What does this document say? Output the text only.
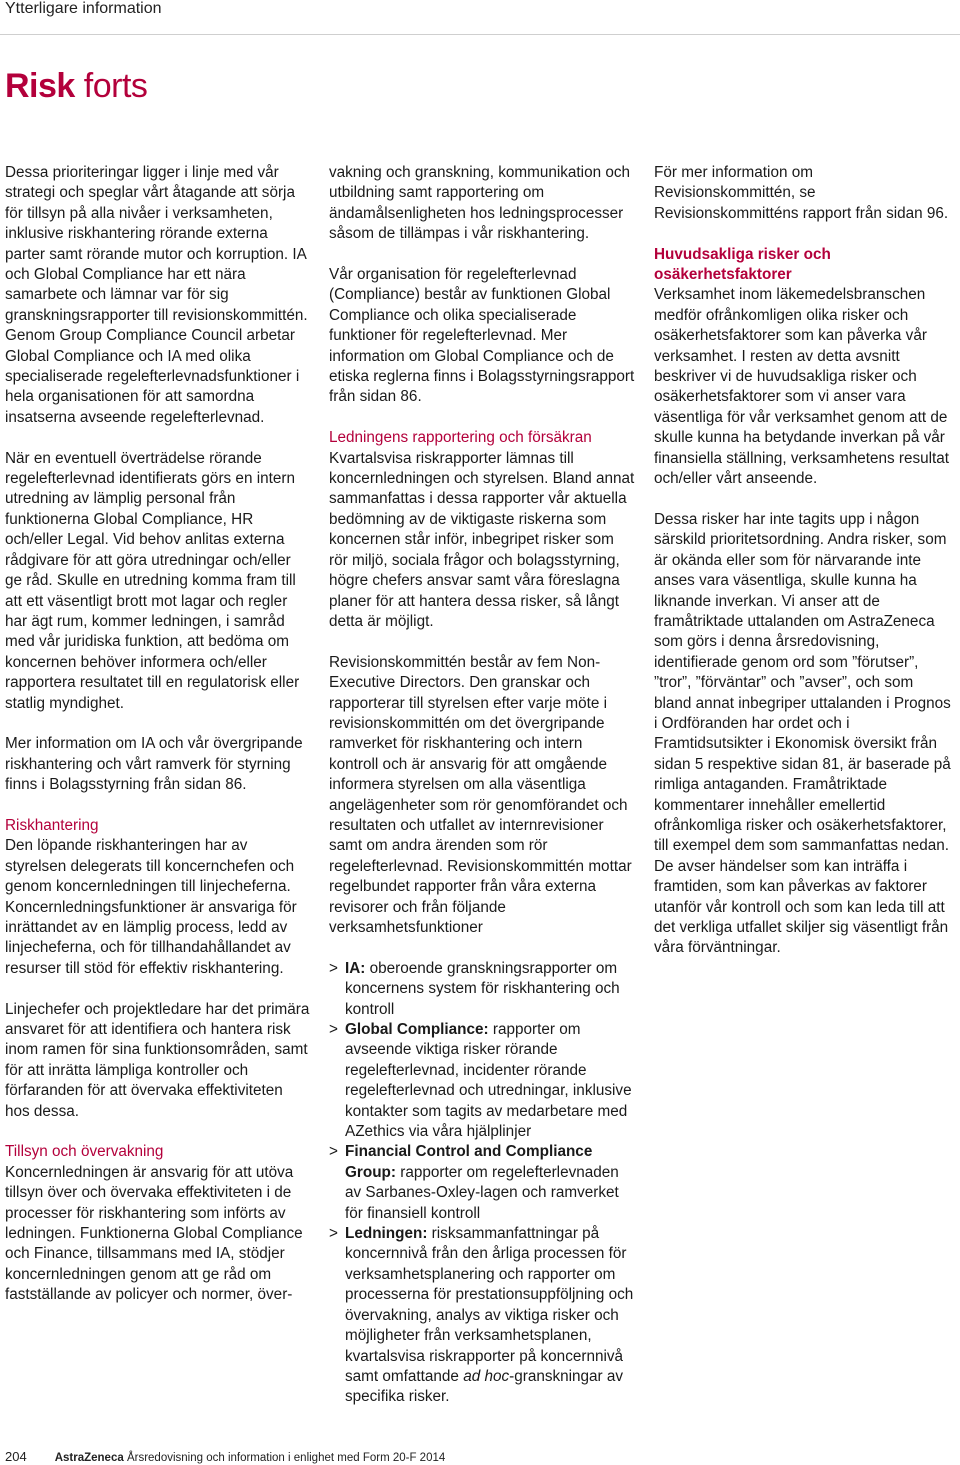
Ytterligare information
Risk forts

Dessa prioriteringar ligger i linje med vår strategi och speglar vårt åtagande att sörja för tillsyn på alla nivåer i verksamheten, inklusive riskhantering rörande externa parter samt rörande mutor och korruption. IA och Global Compliance har ett nära samarbete och lämnar var för sig granskningsrapporter till revisionskommittén. Genom Group Compliance Council arbetar Global Compliance och IA med olika specialiserade regelefterlevnadsfunktioner i hela organisationen för att samordna insatserna avseende regelefterlevnad.

När en eventuell överträdelse rörande regelefterlevnad identifierats görs en intern utredning av lämplig personal från funktionerna Global Compliance, HR och/eller Legal. Vid behov anlitas externa rådgivare för att göra utredningar och/eller ge råd. Skulle en utredning komma fram till att ett väsentligt brott mot lagar och regler har ägt rum, kommer ledningen, i samråd med vår juridiska funktion, att bedöma om koncernen behöver informera och/eller rapportera resultatet till en regulatorisk eller statlig myndighet.

Mer information om IA och vår övergripande riskhantering och vårt ramverk för styrning finns i Bolagsstyrning från sidan 86.

Riskhantering
Den löpande riskhanteringen har av styrelsen delegerats till koncernchefen och genom koncernledningen till linjecheferna. Koncernledningsfunktioner är ansvariga för inrättandet av en lämplig process, ledd av linjecheferna, och för tillhandahållandet av resurser till stöd för effektiv riskhantering.

Linjechefer och projektledare har det primära ansvaret för att identifiera och hantera risk inom ramen för sina funktionsområden, samt för att inrätta lämpliga kontroller och förfaranden för att övervaka effektiviteten hos dessa.

Tillsyn och övervakning
Koncernledningen är ansvarig för att utöva tillsyn över och övervaka effektiviteten i de processer för riskhantering som införts av ledningen. Funktionerna Global Compliance och Finance, tillsammans med IA, stödjer koncernledningen genom att ge råd om fastställande av policyer och normer, över-

vakning och granskning, kommunikation och utbildning samt rapportering om ändamålsenligheten hos ledningsprocesser såsom de tillämpas i vår riskhantering.

Vår organisation för regelefterlevnad (Compliance) består av funktionen Global Compliance och olika specialiserade funktioner för regelefterlevnad. Mer information om Global Compliance och de etiska reglerna finns i Bolagsstyrningsrapport från sidan 86.

Ledningens rapportering och försäkran
Kvartalsvisa riskrapporter lämnas till koncernledningen och styrelsen. Bland annat sammanfattas i dessa rapporter vår aktuella bedömning av de viktigaste riskerna som koncernen står inför, inbegripet risker som rör miljö, sociala frågor och bolagsstyrning, högre chefers ansvar samt våra föreslagna planer för att hantera dessa risker, så långt detta är möjligt.

Revisionskommittén består av fem Non-Executive Directors. Den granskar och rapporterar till styrelsen efter varje möte i revisionskommittén om det övergripande ramverket för riskhantering och intern kontroll och är ansvarig för att omgående informera styrelsen om alla väsentliga angelägenheter som rör genomförandet och resultaten och utfallet av internrevisioner samt om andra ärenden som rör regelefterlevnad. Revisionskommittén mottar regelbundet rapporter från våra externa revisorer och från följande verksamhetsfunktioner

> IA: oberoende granskningsrapporter om koncernens system för riskhantering och kontroll
> Global Compliance: rapporter om avseende viktiga risker rörande regelefterlevnad, incidenter rörande regelefterlevnad och utredningar, inklusive kontakter som tagits av medarbetare med AZethics via våra hjälplinjer
> Financial Control and Compliance Group: rapporter om regelefterlevnaden av Sarbanes-Oxley-lagen och ramverket för finansiell kontroll
> Ledningen: risksammanfattningar på koncernnivå från den årliga processen för verksamhetsplanering och rapporter om processerna för prestationsuppföljning och övervakning, analys av viktiga risker och möjligheter från verksamhetsplanen, kvartalsvisa riskrapporter på koncernnivå samt omfattande ad hoc-granskningar av specifika risker.

För mer information om Revisionskommittén, se Revisionskommitténs rapport från sidan 96.

Huvudsakliga risker och osäkerhetsfaktorer
Verksamhet inom läkemedelsbranschen medför ofrånkomligen olika risker och osäkerhetsfaktorer som kan påverka vår verksamhet. I resten av detta avsnitt beskriver vi de huvudsakliga risker och osäkerhetsfaktorer som vi anser vara väsentliga för vår verksamhet genom att de skulle kunna ha betydande inverkan på vår finansiella ställning, verksamhetens resultat och/eller vårt anseende.

Dessa risker har inte tagits upp i någon särskild prioritetsordning. Andra risker, som är okända eller som för närvarande inte anses vara väsentliga, skulle kunna ha liknande inverkan. Vi anser att de framåtriktade uttalanden om AstraZeneca som görs i denna årsredovisning, identifierade genom ord som ”förutser”, ”tror”, ”förväntar” och ”avser”, och som bland annat inbegriper uttalanden i Prognos i Ordföranden har ordet och i Framtidsutsikter i Ekonomisk översikt från sidan 5 respektive sidan 81, är baserade på rimliga antaganden. Framåtriktade kommentarer innehåller emellertid ofrånkomliga risker och osäkerhetsfaktorer, till exempel dem som sammanfattas nedan. De avser händelser som kan inträffa i framtiden, som kan påverkas av faktorer utanför vår kontroll och som kan leda till att det verkliga utfallet skiljer sig väsentligt från våra förväntningar.

204 AstraZeneca Årsredovisning och information i enlighet med Form 20-F 2014
